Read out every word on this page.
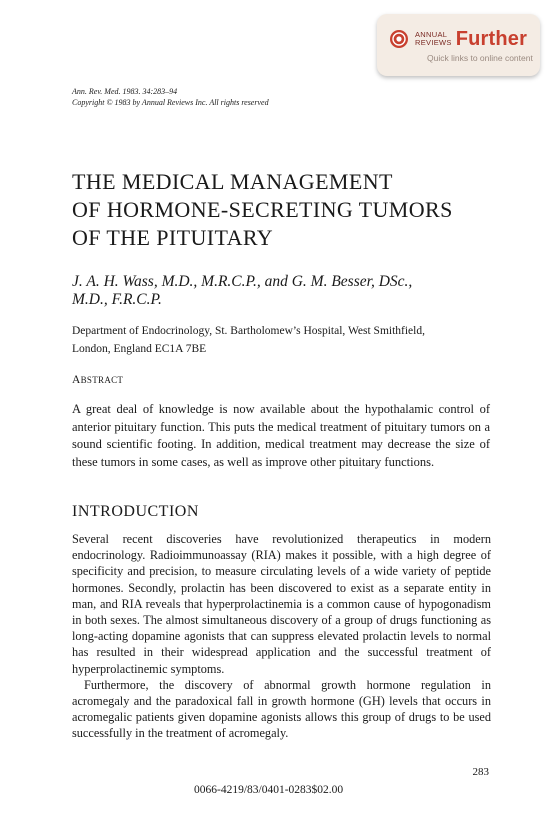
ANNUAL
REVIEWS Further
Quick links to online content
Ann. Rev. Med. 1983. 34:283–94
Copyright © 1983 by Annual Reviews Inc. All rights reserved
THE MEDICAL MANAGEMENT
OF HORMONE-SECRETING TUMORS
OF THE PITUITARY
J. A. H. Wass, M.D., M.R.C.P., and G. M. Besser, DSc.,
M.D., F.R.C.P.
Department of Endocrinology, St. Bartholomew’s Hospital, West Smithfield,
London, England EC1A 7BE
ABSTRACT
A great deal of knowledge is now available about the hypothalamic control of anterior pituitary function. This puts the medical treatment of pituitary tumors on a sound scientific footing. In addition, medical treatment may decrease the size of these tumors in some cases, as well as improve other pituitary functions.
INTRODUCTION

Several recent discoveries have revolutionized therapeutics in modern endocrinology. Radioimmunoassay (RIA) makes it possible, with a high degree of specificity and precision, to measure circulating levels of a wide variety of peptide hormones. Secondly, prolactin has been discovered to exist as a separate entity in man, and RIA reveals that hyperprolactinemia is a common cause of hypogonadism in both sexes. The almost simultaneous discovery of a group of drugs functioning as long-acting dopamine agonists that can suppress elevated prolactin levels to normal has resulted in their widespread application and the successful treatment of hyperprolactinemic symptoms.

Furthermore, the discovery of abnormal growth hormone regulation in acromegaly and the paradoxical fall in growth hormone (GH) levels that occurs in acromegalic patients given dopamine agonists allows this group of drugs to be used successfully in the treatment of acromegaly.

283
0066-4219/83/0401-0283$02.00
